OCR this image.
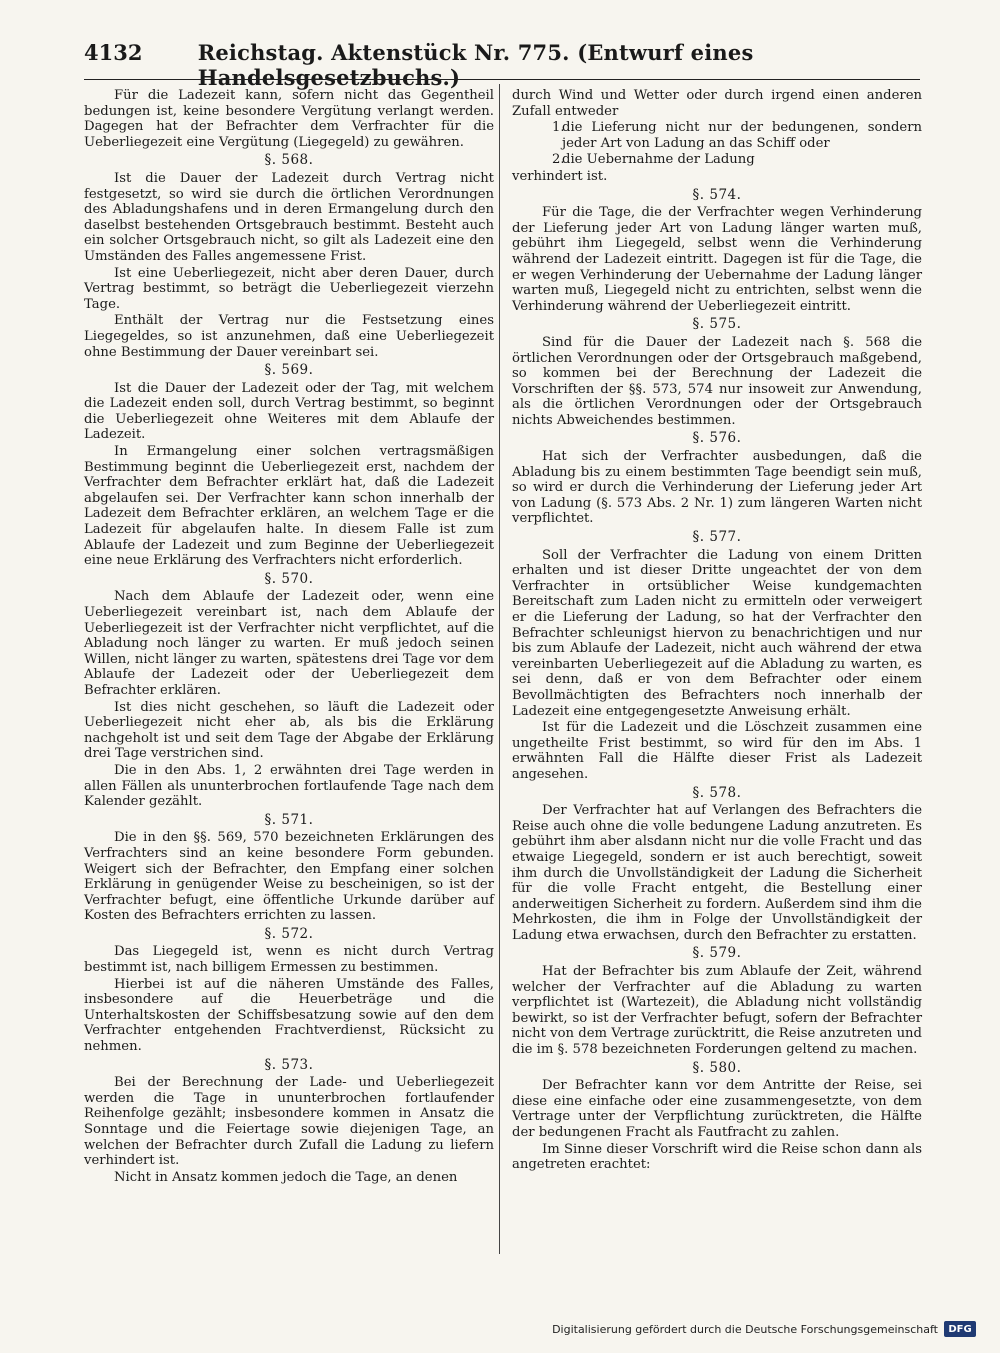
4132	Reichstag. Aktenstück Nr. 775. (Entwurf eines Handelsgesetzbuchs.)

Für die Ladezeit kann, sofern nicht das Gegentheil bedungen ist, keine besondere Vergütung verlangt werden. Dagegen hat der Befrachter dem Verfrachter für die Ueberliegezeit eine Vergütung (Liegegeld) zu gewähren.

§. 568.

Ist die Dauer der Ladezeit durch Vertrag nicht festgesetzt, so wird sie durch die örtlichen Verordnungen des Abladungshafens und in deren Ermangelung durch den daselbst bestehenden Ortsgebrauch bestimmt. Besteht auch ein solcher Ortsgebrauch nicht, so gilt als Ladezeit eine den Umständen des Falles angemessene Frist.

Ist eine Ueberliegezeit, nicht aber deren Dauer, durch Vertrag bestimmt, so beträgt die Ueberliegezeit vierzehn Tage.

Enthält der Vertrag nur die Festsetzung eines Liegegeldes, so ist anzunehmen, daß eine Ueberliegezeit ohne Bestimmung der Dauer vereinbart sei.

§. 569.

Ist die Dauer der Ladezeit oder der Tag, mit welchem die Ladezeit enden soll, durch Vertrag bestimmt, so beginnt die Ueberliegezeit ohne Weiteres mit dem Ablaufe der Ladezeit.

In Ermangelung einer solchen vertragsmäßigen Bestimmung beginnt die Ueberliegezeit erst, nachdem der Verfrachter dem Befrachter erklärt hat, daß die Ladezeit abgelaufen sei. Der Verfrachter kann schon innerhalb der Ladezeit dem Befrachter erklären, an welchem Tage er die Ladezeit für abgelaufen halte. In diesem Falle ist zum Ablaufe der Ladezeit und zum Beginne der Ueberliegezeit eine neue Erklärung des Verfrachters nicht erforderlich.

§. 570.

Nach dem Ablaufe der Ladezeit oder, wenn eine Ueberliegezeit vereinbart ist, nach dem Ablaufe der Ueberliegezeit ist der Verfrachter nicht verpflichtet, auf die Abladung noch länger zu warten. Er muß jedoch seinen Willen, nicht länger zu warten, spätestens drei Tage vor dem Ablaufe der Ladezeit oder der Ueberliegezeit dem Befrachter erklären.

Ist dies nicht geschehen, so läuft die Ladezeit oder Ueberliegezeit nicht eher ab, als bis die Erklärung nachgeholt ist und seit dem Tage der Abgabe der Erklärung drei Tage verstrichen sind.

Die in den Abs. 1, 2 erwähnten drei Tage werden in allen Fällen als ununterbrochen fortlaufende Tage nach dem Kalender gezählt.

§. 571.

Die in den §§. 569, 570 bezeichneten Erklärungen des Verfrachters sind an keine besondere Form gebunden. Weigert sich der Befrachter, den Empfang einer solchen Erklärung in genügender Weise zu bescheinigen, so ist der Verfrachter befugt, eine öffentliche Urkunde darüber auf Kosten des Befrachters errichten zu lassen.

§. 572.

Das Liegegeld ist, wenn es nicht durch Vertrag bestimmt ist, nach billigem Ermessen zu bestimmen.

Hierbei ist auf die näheren Umstände des Falles, insbesondere auf die Heuerbeträge und die Unterhaltskosten der Schiffsbesatzung sowie auf den dem Verfrachter entgehenden Frachtverdienst, Rücksicht zu nehmen.

§. 573.

Bei der Berechnung der Lade- und Ueberliegezeit werden die Tage in ununterbrochen fortlaufender Reihenfolge gezählt; insbesondere kommen in Ansatz die Sonntage und die Feiertage sowie diejenigen Tage, an welchen der Befrachter durch Zufall die Ladung zu liefern verhindert ist.

Nicht in Ansatz kommen jedoch die Tage, an denen

durch Wind und Wetter oder durch irgend einen anderen Zufall entweder

1.
die Lieferung nicht nur der bedungenen, sondern jeder Art von Ladung an das Schiff oder

2.
die Uebernahme der Ladung

verhindert ist.

§. 574.

Für die Tage, die der Verfrachter wegen Verhinderung der Lieferung jeder Art von Ladung länger warten muß, gebührt ihm Liegegeld, selbst wenn die Verhinderung während der Ladezeit eintritt. Dagegen ist für die Tage, die er wegen Verhinderung der Uebernahme der Ladung länger warten muß, Liegegeld nicht zu entrichten, selbst wenn die Verhinderung während der Ueberliegezeit eintritt.

§. 575.

Sind für die Dauer der Ladezeit nach §. 568 die örtlichen Verordnungen oder der Ortsgebrauch maßgebend, so kommen bei der Berechnung der Ladezeit die Vorschriften der §§. 573, 574 nur insoweit zur Anwendung, als die örtlichen Verordnungen oder der Ortsgebrauch nichts Abweichendes bestimmen.

§. 576.

Hat sich der Verfrachter ausbedungen, daß die Abladung bis zu einem bestimmten Tage beendigt sein muß, so wird er durch die Verhinderung der Lieferung jeder Art von Ladung (§. 573 Abs. 2 Nr. 1) zum längeren Warten nicht verpflichtet.

§. 577.

Soll der Verfrachter die Ladung von einem Dritten erhalten und ist dieser Dritte ungeachtet der von dem Verfrachter in ortsüblicher Weise kundgemachten Bereitschaft zum Laden nicht zu ermitteln oder verweigert er die Lieferung der Ladung, so hat der Verfrachter den Befrachter schleunigst hiervon zu benachrichtigen und nur bis zum Ablaufe der Ladezeit, nicht auch während der etwa vereinbarten Ueberliegezeit auf die Abladung zu warten, es sei denn, daß er von dem Befrachter oder einem Bevollmächtigten des Befrachters noch innerhalb der Ladezeit eine entgegengesetzte Anweisung erhält.

Ist für die Ladezeit und die Löschzeit zusammen eine ungetheilte Frist bestimmt, so wird für den im Abs. 1 erwähnten Fall die Hälfte dieser Frist als Ladezeit angesehen.

§. 578.

Der Verfrachter hat auf Verlangen des Befrachters die Reise auch ohne die volle bedungene Ladung anzutreten. Es gebührt ihm aber alsdann nicht nur die volle Fracht und das etwaige Liegegeld, sondern er ist auch berechtigt, soweit ihm durch die Unvollständigkeit der Ladung die Sicherheit für die volle Fracht entgeht, die Bestellung einer anderweitigen Sicherheit zu fordern. Außerdem sind ihm die Mehrkosten, die ihm in Folge der Unvollständigkeit der Ladung etwa erwachsen, durch den Befrachter zu erstatten.

§. 579.

Hat der Befrachter bis zum Ablaufe der Zeit, während welcher der Verfrachter auf die Abladung zu warten verpflichtet ist (Wartezeit), die Abladung nicht vollständig bewirkt, so ist der Verfrachter befugt, sofern der Befrachter nicht von dem Vertrage zurücktritt, die Reise anzutreten und die im §. 578 bezeichneten Forderungen geltend zu machen.

§. 580.

Der Befrachter kann vor dem Antritte der Reise, sei diese eine einfache oder eine zusammengesetzte, von dem Vertrage unter der Verpflichtung zurücktreten, die Hälfte der bedungenen Fracht als Fautfracht zu zahlen.

Im Sinne dieser Vorschrift wird die Reise schon dann als angetreten erachtet:

Digitalisierung gefördert durch die Deutsche Forschungsgemeinschaft	DFG
